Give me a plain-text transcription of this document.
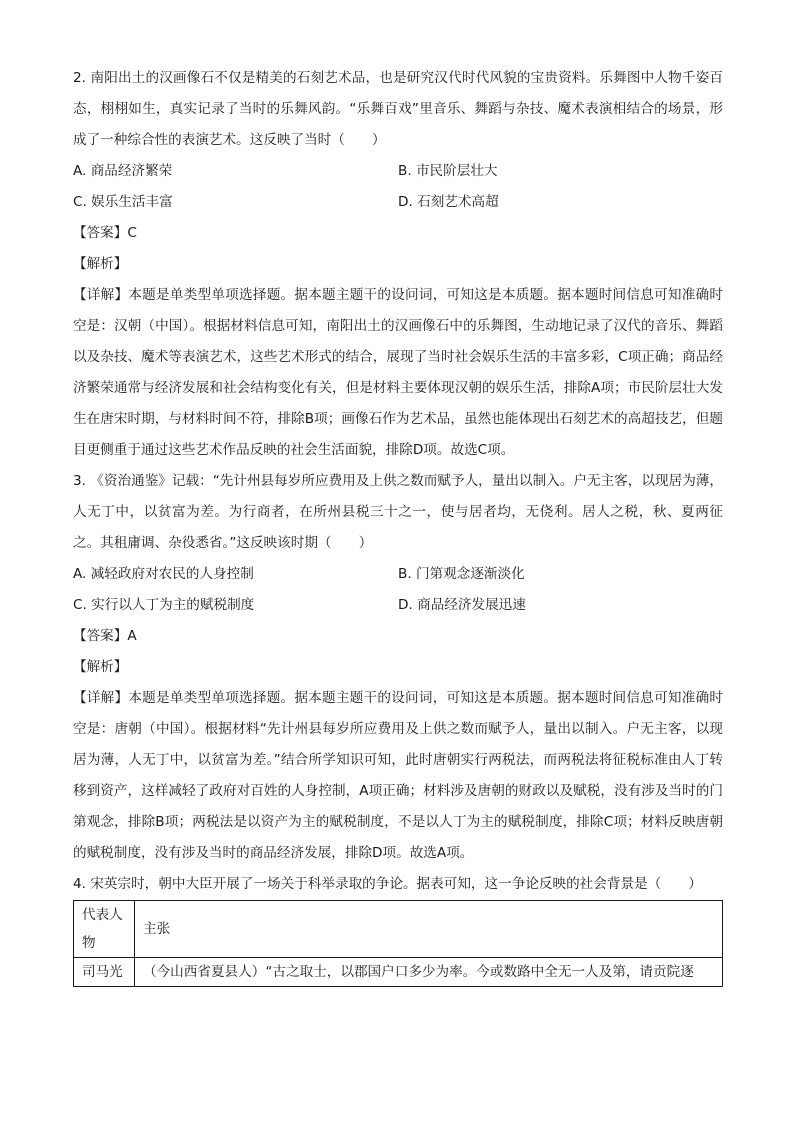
2. 南阳出土的汉画像石不仅是精美的石刻艺术品，也是研究汉代时代风貌的宝贵资料。乐舞图中人物千姿百态，栩栩如生，真实记录了当时的乐舞风韵。“乐舞百戏”里音乐、舞蹈与杂技、魔术表演相结合的场景，形成了一种综合性的表演艺术。这反映了当时（　　）

A. 商品经济繁荣	B. 市民阶层壮大
C. 娱乐生活丰富	D. 石刻艺术高超
【答案】C
【解析】

【详解】本题是单类型单项选择题。据本题主题干的设问词，可知这是本质题。据本题时间信息可知准确时空是：汉朝（中国）。根据材料信息可知，南阳出土的汉画像石中的乐舞图，生动地记录了汉代的音乐、舞蹈以及杂技、魔术等表演艺术，这些艺术形式的结合，展现了当时社会娱乐生活的丰富多彩，C项正确；商品经济繁荣通常与经济发展和社会结构变化有关，但是材料主要体现汉朝的娱乐生活，排除A项；市民阶层壮大发生在唐宋时期，与材料时间不符，排除B项；画像石作为艺术品，虽然也能体现出石刻艺术的高超技艺，但题目更侧重于通过这些艺术作品反映的社会生活面貌，排除D项。故选C项。

3. 《资治通鉴》记载：“先计州县每岁所应费用及上供之数而赋予人，量出以制入。户无主客，以现居为薄，人无丁中，以贫富为差。为行商者，在所州县税三十之一，使与居者均，无侥利。居人之税，秋、夏两征之。其租庸调、杂役悉省。”这反映该时期（　　）

A. 减轻政府对农民的人身控制	B. 门第观念逐渐淡化
C. 实行以人丁为主的赋税制度	D. 商品经济发展迅速
【答案】A
【解析】

【详解】本题是单类型单项选择题。据本题主题干的设问词，可知这是本质题。据本题时间信息可知准确时空是：唐朝（中国）。根据材料“先计州县每岁所应费用及上供之数而赋予人，量出以制入。户无主客，以现居为薄，人无丁中，以贫富为差。”结合所学知识可知，此时唐朝实行两税法，而两税法将征税标准由人丁转移到资产，这样减轻了政府对百姓的人身控制，A项正确；材料涉及唐朝的财政以及赋税，没有涉及当时的门第观念，排除B项；两税法是以资产为主的赋税制度，不是以人丁为主的赋税制度，排除C项；材料反映唐朝的赋税制度，没有涉及当时的商品经济发展，排除D项。故选A项。

4. 宋英宗时，朝中大臣开展了一场关于科举录取的争论。据表可知，这一争论反映的社会背景是（　　）

代表人物	主张
司马光	（今山西省夏县人）“古之取士，以郡国户口多少为率。今或数路中全无一人及第，请贡院逐
